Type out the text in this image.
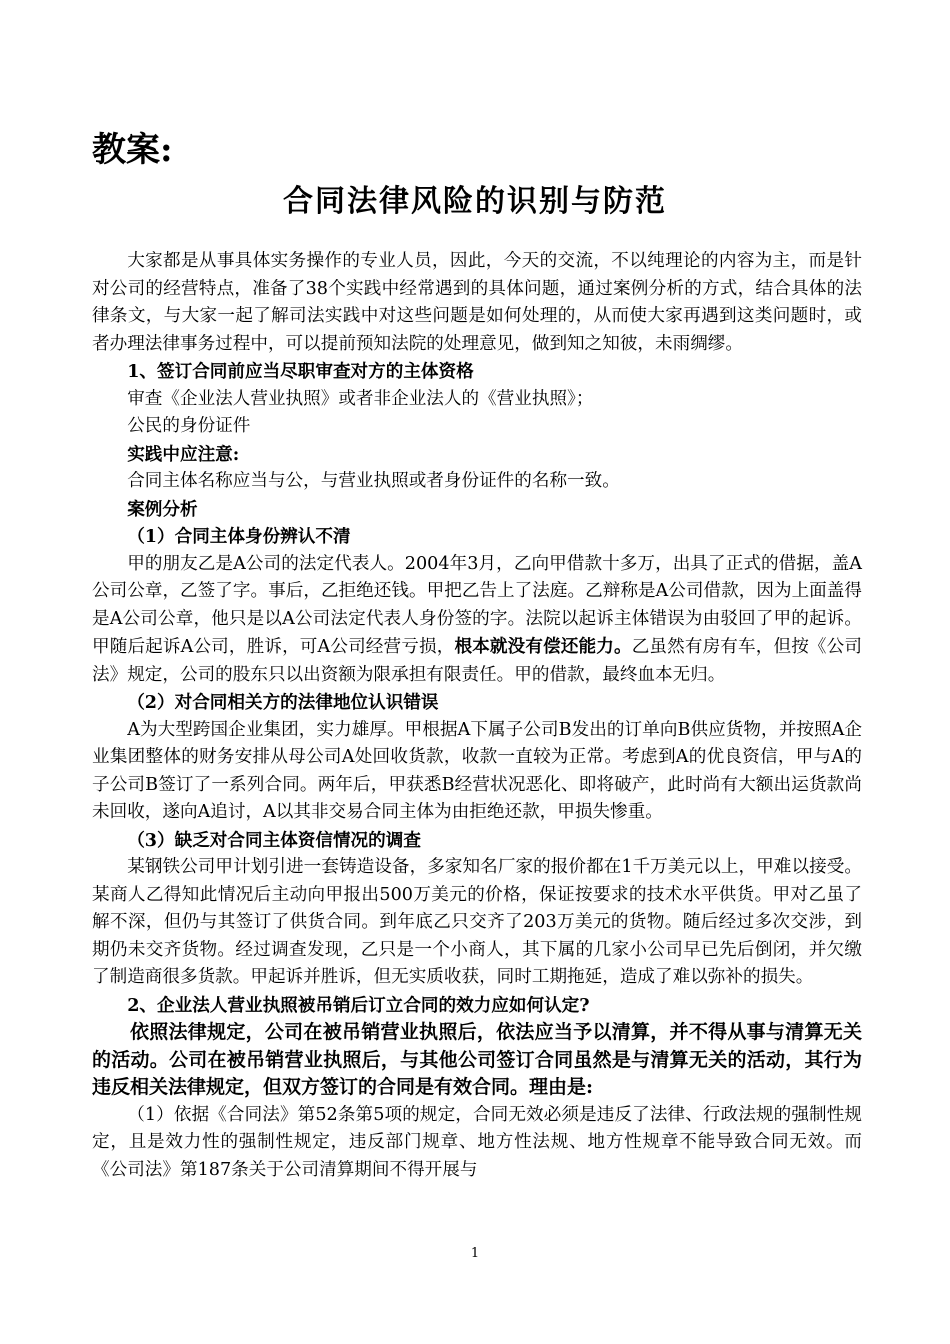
教案:
合同法律风险的识别与防范

大家都是从事具体实务操作的专业人员，因此，今天的交流，不以纯理论的内容为主，而是针对公司的经营特点，准备了38个实践中经常遇到的具体问题，通过案例分析的方式，结合具体的法律条文，与大家一起了解司法实践中对这些问题是如何处理的，从而使大家再遇到这类问题时，或者办理法律事务过程中，可以提前预知法院的处理意见，做到知之知彼，未雨绸缪。

1、签订合同前应当尽职审查对方的主体资格

审查《企业法人营业执照》或者非企业法人的《营业执照》；

公民的身份证件

实践中应注意:

合同主体名称应当与公，与营业执照或者身份证件的名称一致。

案例分析

（1）合同主体身份辨认不清

甲的朋友乙是A公司的法定代表人。2004年3月，乙向甲借款十多万，出具了正式的借据，盖A公司公章，乙签了字。事后，乙拒绝还钱。甲把乙告上了法庭。乙辩称是A公司借款，因为上面盖得是A公司公章，他只是以A公司法定代表人身份签的字。法院以起诉主体错误为由驳回了甲的起诉。甲随后起诉A公司，胜诉，可A公司经营亏损，根本就没有偿还能力。乙虽然有房有车，但按《公司法》规定，公司的股东只以出资额为限承担有限责任。甲的借款，最终血本无归。

（2）对合同相关方的法律地位认识错误

A为大型跨国企业集团，实力雄厚。甲根据A下属子公司B发出的订单向B供应货物，并按照A企业集团整体的财务安排从母公司A处回收货款，收款一直较为正常。考虑到A的优良资信，甲与A的子公司B签订了一系列合同。两年后，甲获悉B经营状况恶化、即将破产，此时尚有大额出运货款尚未回收，遂向A追讨，A以其非交易合同主体为由拒绝还款，甲损失惨重。

（3）缺乏对合同主体资信情况的调查

某钢铁公司甲计划引进一套铸造设备，多家知名厂家的报价都在1千万美元以上，甲难以接受。某商人乙得知此情况后主动向甲报出500万美元的价格，保证按要求的技术水平供货。甲对乙虽了解不深，但仍与其签订了供货合同。到年底乙只交齐了203万美元的货物。随后经过多次交涉，到期仍未交齐货物。经过调查发现，乙只是一个小商人，其下属的几家小公司早已先后倒闭，并欠缴了制造商很多货款。甲起诉并胜诉，但无实质收获，同时工期拖延，造成了难以弥补的损失。

2、企业法人营业执照被吊销后订立合同的效力应如何认定?

依照法律规定，公司在被吊销营业执照后，依法应当予以清算，并不得从事与清算无关的活动。公司在被吊销营业执照后，与其他公司签订合同虽然是与清算无关的活动，其行为违反相关法律规定，但双方签订的合同是有效合同。理由是:

（1）依据《合同法》第52条第5项的规定，合同无效必须是违反了法律、行政法规的强制性规定，且是效力性的强制性规定，违反部门规章、地方性法规、地方性规章不能导致合同无效。而《公司法》第187条关于公司清算期间不得开展与

1
